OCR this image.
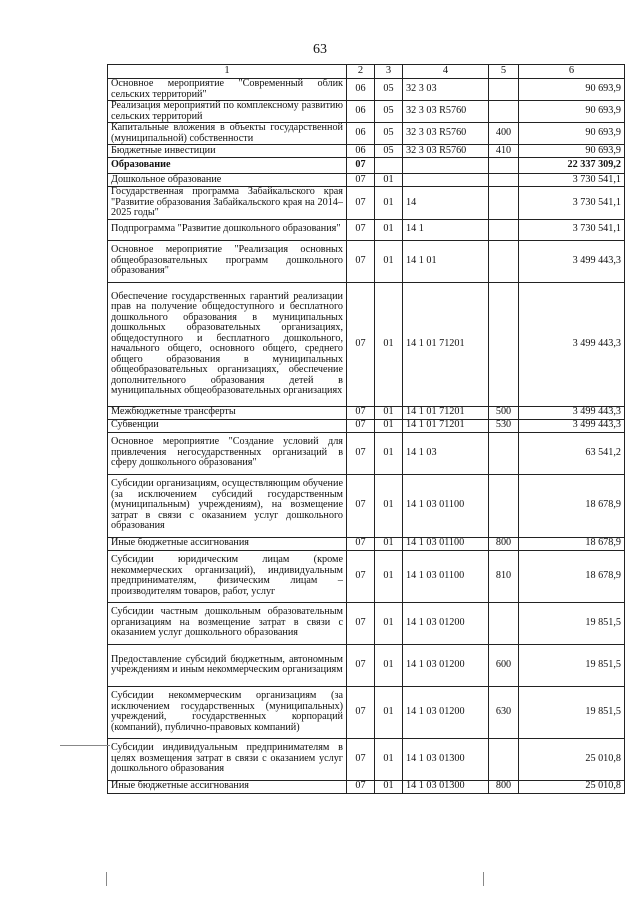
63
1	2	3	4	5	6
Основное мероприятие "Современный облик сельских территорий"	06	05	32 3 03		90 693,9
Реализация мероприятий по комплексному развитию сельских территорий	06	05	32 3 03 R5760		90 693,9
Капитальные вложения в объекты государственной (муниципальной) собственности	06	05	32 3 03 R5760	400	90 693,9
Бюджетные инвестиции	06	05	32 3 03 R5760	410	90 693,9
Образование	07				22 337 309,2
Дошкольное образование	07	01			3 730 541,1
Государственная программа Забайкальского края "Развитие образования Забайкальского края на 2014–2025 годы"	07	01	14		3 730 541,1
Подпрограмма "Развитие дошкольного образования"	07	01	14 1		3 730 541,1
Основное мероприятие "Реализация основных общеобразовательных программ дошкольного образования"	07	01	14 1 01		3 499 443,3
Обеспечение государственных гарантий реализации прав на получение общедоступного и бесплатного дошкольного образования в муниципальных дошкольных образовательных организациях, общедоступного и бесплатного дошкольного, начального общего, основного общего, среднего общего образования в муниципальных общеобразовательных организациях, обеспечение дополнительного образования детей в муниципальных общеобразовательных организациях	07	01	14 1 01 71201		3 499 443,3
Межбюджетные трансферты	07	01	14 1 01 71201	500	3 499 443,3
Субвенции	07	01	14 1 01 71201	530	3 499 443,3
Основное мероприятие "Создание условий для привлечения негосударственных организаций в сферу дошкольного образования"	07	01	14 1 03		63 541,2
Субсидии организациям, осуществляющим обучение (за исключением субсидий государственным (муниципальным) учреждениям), на возмещение затрат в связи с оказанием услуг дошкольного образования	07	01	14 1 03 01100		18 678,9
Иные бюджетные ассигнования	07	01	14 1 03 01100	800	18 678,9
Субсидии юридическим лицам (кроме некоммерческих организаций), индивидуальным предпринимателям, физическим лицам – производителям товаров, работ, услуг	07	01	14 1 03 01100	810	18 678,9
Субсидии частным дошкольным образовательным организациям на возмещение затрат в связи с оказанием услуг дошкольного образования	07	01	14 1 03 01200		19 851,5
Предоставление субсидий бюджетным, автономным учреждениям и иным некоммерческим организациям	07	01	14 1 03 01200	600	19 851,5
Субсидии некоммерческим организациям (за исключением государственных (муниципальных) учреждений, государственных корпораций (компаний), публично-правовых компаний)	07	01	14 1 03 01200	630	19 851,5
Субсидии индивидуальным предпринимателям в целях возмещения затрат в связи с оказанием услуг дошкольного образования	07	01	14 1 03 01300		25 010,8
Иные бюджетные ассигнования	07	01	14 1 03 01300	800	25 010,8
